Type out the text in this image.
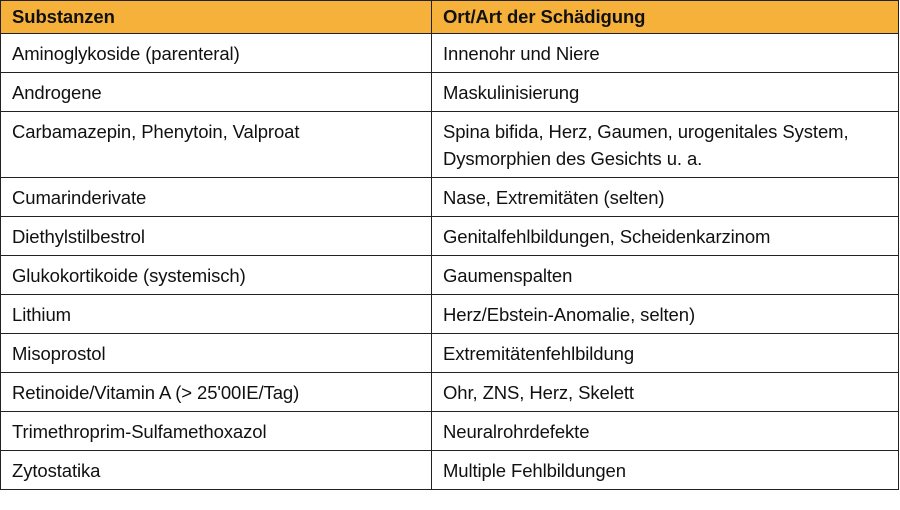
Substanzen	Ort/Art der Schädigung
Aminoglykoside (parenteral)	Innenohr und Niere
Androgene	Maskulinisierung
Carbamazepin, Phenytoin, Valproat	Spina bifida, Herz, Gaumen, urogenitales System, Dysmorphien des Gesichts u. a.
Cumarinderivate	Nase, Extremitäten (selten)
Diethylstilbestrol	Genitalfehlbildungen, Scheidenkarzinom
Glukokortikoide (systemisch)	Gaumenspalten
Lithium	Herz/Ebstein-Anomalie, selten)
Misoprostol	Extremitätenfehlbildung
Retinoide/Vitamin A (> 25'00IE/Tag)	Ohr, ZNS, Herz, Skelett
Trimethroprim-Sulfamethoxazol	Neuralrohrdefekte
Zytostatika	Multiple Fehlbildungen
